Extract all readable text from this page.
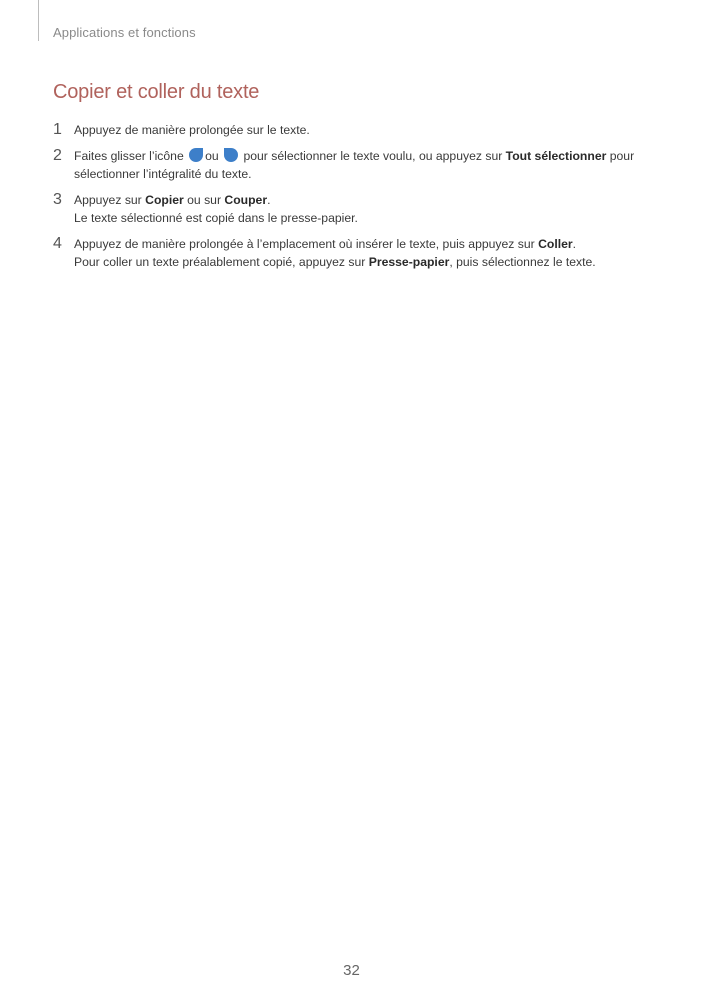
Applications et fonctions
Copier et coller du texte
1 Appuyez de manière prolongée sur le texte.
2 Faites glisser l’icône ou pour sélectionner le texte voulu, ou appuyez sur Tout sélectionner pour
sélectionner l’intégralité du texte.
3 Appuyez sur Copier ou sur Couper.
Le texte sélectionné est copié dans le presse-papier.
4 Appuyez de manière prolongée à l’emplacement où insérer le texte, puis appuyez sur Coller.
Pour coller un texte préalablement copié, appuyez sur Presse-papier, puis sélectionnez le texte.
32
